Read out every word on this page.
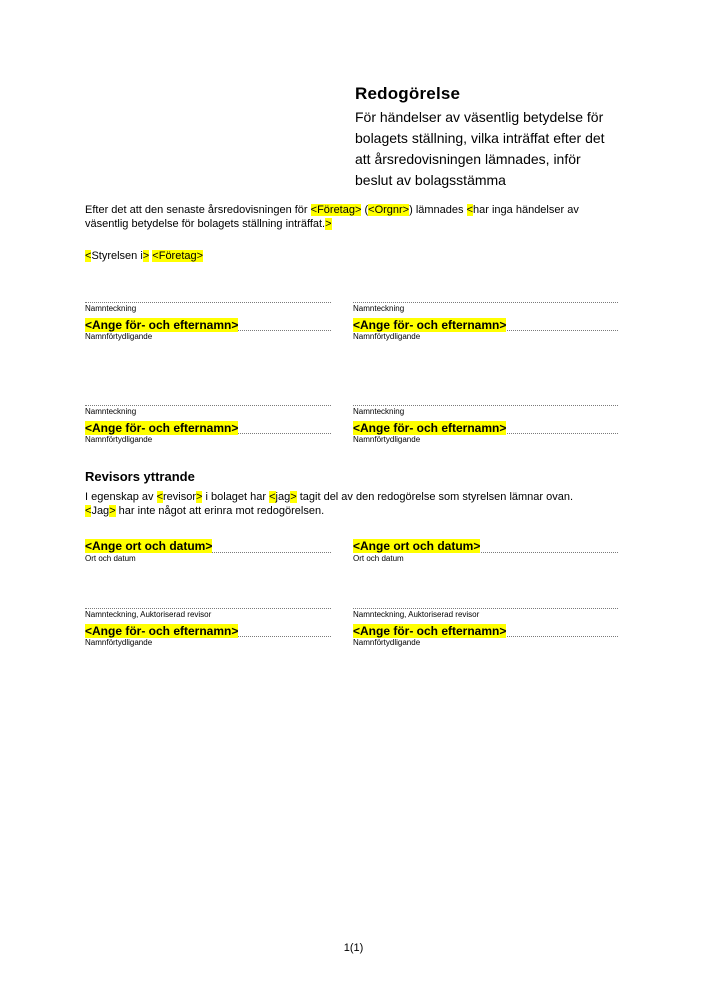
Redogörelse
För händelser av väsentlig betydelse för
bolagets ställning, vilka inträffat efter det
att årsredovisningen lämnades, inför
beslut av bolagsstämma
Efter det att den senaste årsredovisningen för <Företag> (<Orgnr>) lämnades <har inga händelser av
väsentlig betydelse för bolagets ställning inträffat.>
<Styrelsen i> <Företag>
Namnteckning
<Ange för- och efternamn>
Namnförtydligande
Namnteckning
<Ange för- och efternamn>
Namnförtydligande
Namnteckning
<Ange för- och efternamn>
Namnförtydligande
Namnteckning
<Ange för- och efternamn>
Namnförtydligande
Revisors yttrande
I egenskap av <revisor> i bolaget har <jag> tagit del av den redogörelse som styrelsen lämnar ovan.
<Jag> har inte något att erinra mot redogörelsen.
<Ange ort och datum>
Ort och datum
<Ange ort och datum>
Ort och datum
Namnteckning, Auktoriserad revisor
<Ange för- och efternamn>
Namnförtydligande
Namnteckning, Auktoriserad revisor
<Ange för- och efternamn>
Namnförtydligande
1(1)
